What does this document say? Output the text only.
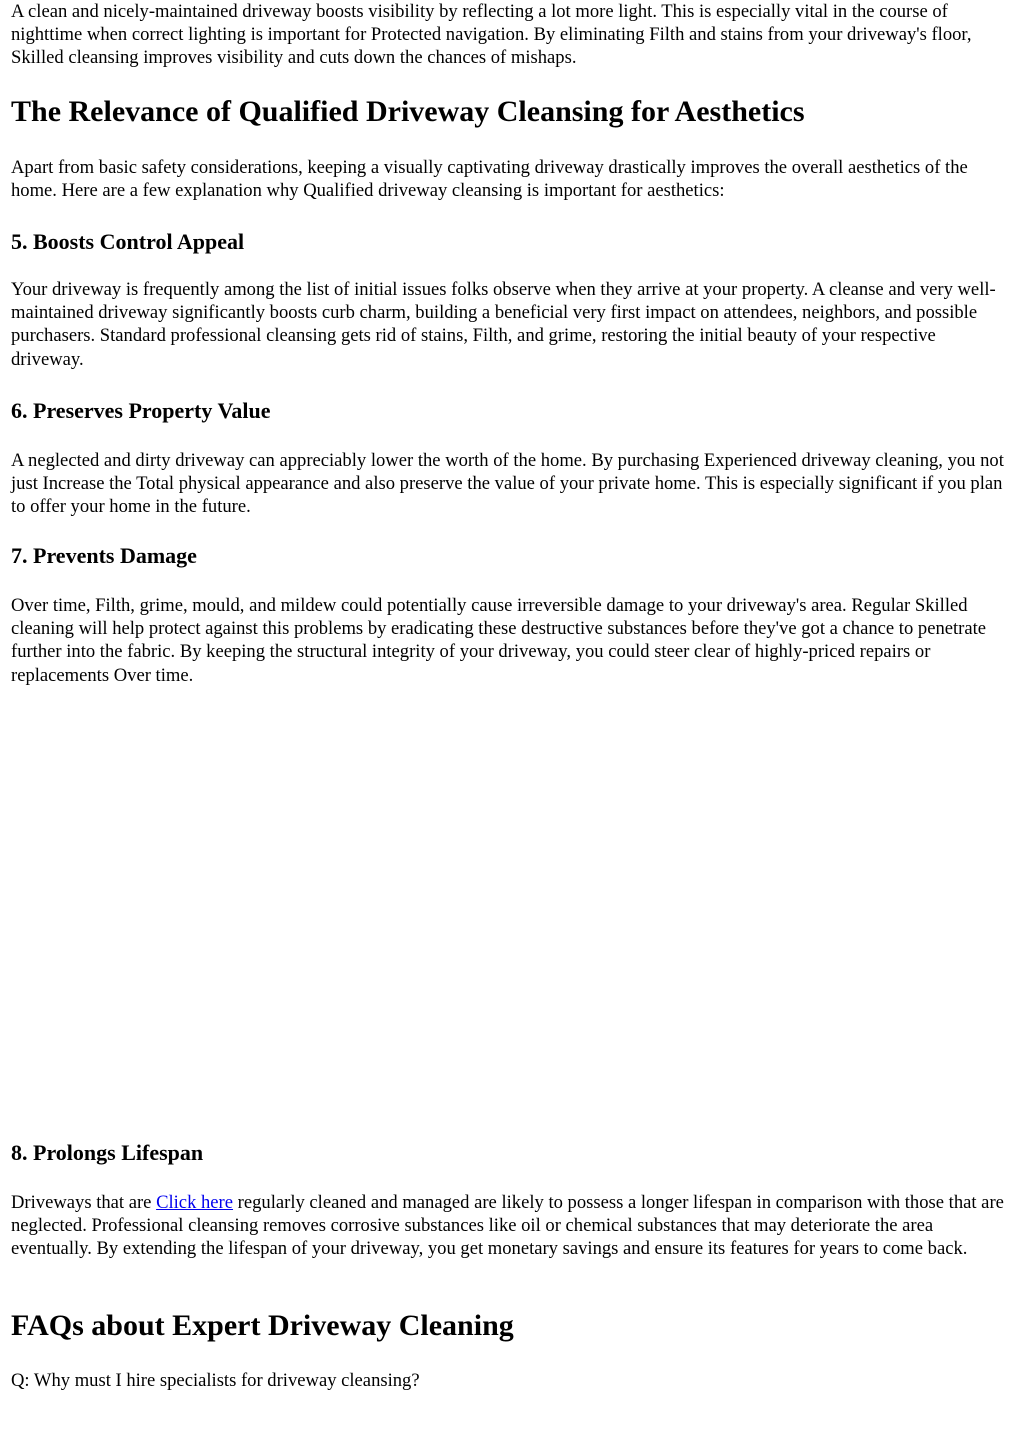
A clean and nicely-maintained driveway boosts visibility by reflecting a lot more light. This is especially vital in the course of nighttime when correct lighting is important for Protected navigation. By eliminating Filth and stains from your driveway's floor, Skilled cleansing improves visibility and cuts down the chances of mishaps.

The Relevance of Qualified Driveway Cleansing for Aesthetics

Apart from basic safety considerations, keeping a visually captivating driveway drastically improves the overall aesthetics of the home. Here are a few explanation why Qualified driveway cleansing is important for aesthetics:

5. Boosts Control Appeal

Your driveway is frequently among the list of initial issues folks observe when they arrive at your property. A cleanse and very well-maintained driveway significantly boosts curb charm, building a beneficial very first impact on attendees, neighbors, and possible purchasers. Standard professional cleansing gets rid of stains, Filth, and grime, restoring the initial beauty of your respective driveway.

6. Preserves Property Value

A neglected and dirty driveway can appreciably lower the worth of the home. By purchasing Experienced driveway cleaning, you not just Increase the Total physical appearance and also preserve the value of your private home. This is especially significant if you plan to offer your home in the future.

7. Prevents Damage

Over time, Filth, grime, mould, and mildew could potentially cause irreversible damage to your driveway's area. Regular Skilled cleaning will help protect against this problems by eradicating these destructive substances before they've got a chance to penetrate further into the fabric. By keeping the structural integrity of your driveway, you could steer clear of highly-priced repairs or replacements Over time.

8. Prolongs Lifespan

Driveways that are Click here regularly cleaned and managed are likely to possess a longer lifespan in comparison with those that are neglected. Professional cleansing removes corrosive substances like oil or chemical substances that may deteriorate the area eventually. By extending the lifespan of your driveway, you get monetary savings and ensure its features for years to come back.

FAQs about Expert Driveway Cleaning

Q: Why must I hire specialists for driveway cleansing?
